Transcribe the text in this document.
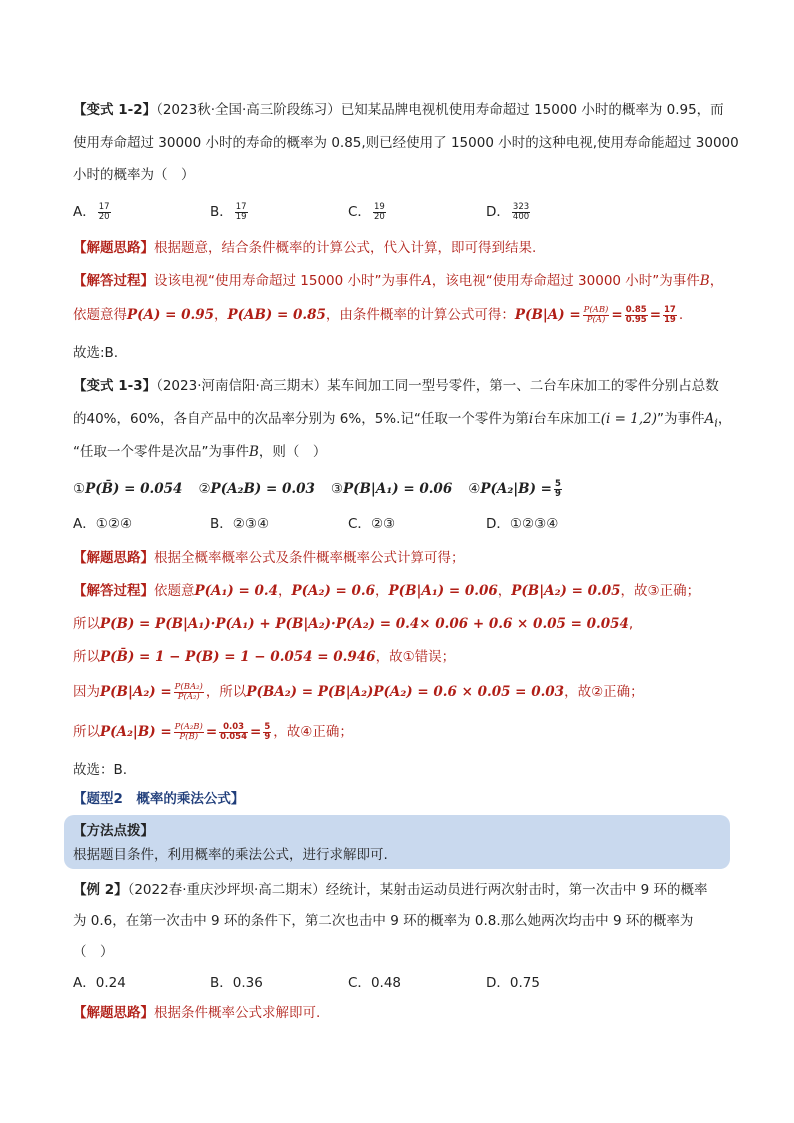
【变式 1-2】（2023秋·全国·高三阶段练习）已知某品牌电视机使用寿命超过 15000 小时的概率为 0.95，而
使用寿命超过 30000 小时的寿命的概率为 0.85,则已经使用了 15000 小时的这种电视,使用寿命能超过 30000
小时的概率为（　）
A． $\frac{17}{20}$	B． $\frac{17}{19}$	C． $\frac{19}{20}$	D． $\frac{323}{400}$
【解题思路】根据题意，结合条件概率的计算公式，代入计算，即可得到结果.
【解答过程】设该电视“使用寿命超过 15000 小时”为事件A，该电视“使用寿命超过 30000 小时”为事件B，
依题意得P(A) = 0.95，P(AB) = 0.85，由条件概率的计算公式可得：$P(B|A) = \frac{P(AB)}{P(A)} = \frac{0.85}{0.95} = \frac{17}{19}$ .
故选:B.
【变式 1-3】（2023·河南信阳·高三期末）某车间加工同一型号零件，第一、二台车床加工的零件分别占总数
的40%，60%，各自产品中的次品率分别为 6%，5%.记“任取一个零件为第i台车床加工(i = 1,2)”为事件$A_i$，
“任取一个零件是次品”为事件B，则（　）
①P(B̄) = 0.054 ②P(A₂B) = 0.03 ③P(B|A₁) = 0.06 ④P(A₂|B) = $\frac{5}{9}$
A．①②④	B．②③④	C．②③	D．①②③④
【解题思路】根据全概率概率公式及条件概率概率公式计算可得；
【解答过程】依题意P(A₁) = 0.4，P(A₂) = 0.6，P(B|A₁) = 0.06，P(B|A₂) = 0.05，故③正确；
所以P(B) = P(B|A₁)·P(A₁) + P(B|A₂)·P(A₂) = 0.4× 0.06 + 0.6 × 0.05 = 0.054,
所以P(B̄) = 1 − P(B) = 1 − 0.054 = 0.946，故①错误；
因为$P(B|A_2) = \frac{\text{P(BA₂)}}{\text{P(A₂)}}$ ，所以P(BA₂) = P(B|A₂)P(A₂) = 0.6 × 0.05 = 0.03，故②正确；
所以$P(A_2|B) = \frac{\text{P(A₂B)}}{P(B)} = \frac{0.03}{0.054} = \frac{5}{9}$ ，故④正确；
故选：B.
【题型2　概率的乘法公式】
【方法点拨】
根据题目条件，利用概率的乘法公式，进行求解即可.
【例 2】（2022春·重庆沙坪坝·高二期末）经统计，某射击运动员进行两次射击时，第一次击中 9 环的概率
为 0.6，在第一次击中 9 环的条件下，第二次也击中 9 环的概率为 0.8.那么她两次均击中 9 环的概率为
（　）
A．0.24	B．0.36	C．0.48	D．0.75
【解题思路】根据条件概率公式求解即可.
